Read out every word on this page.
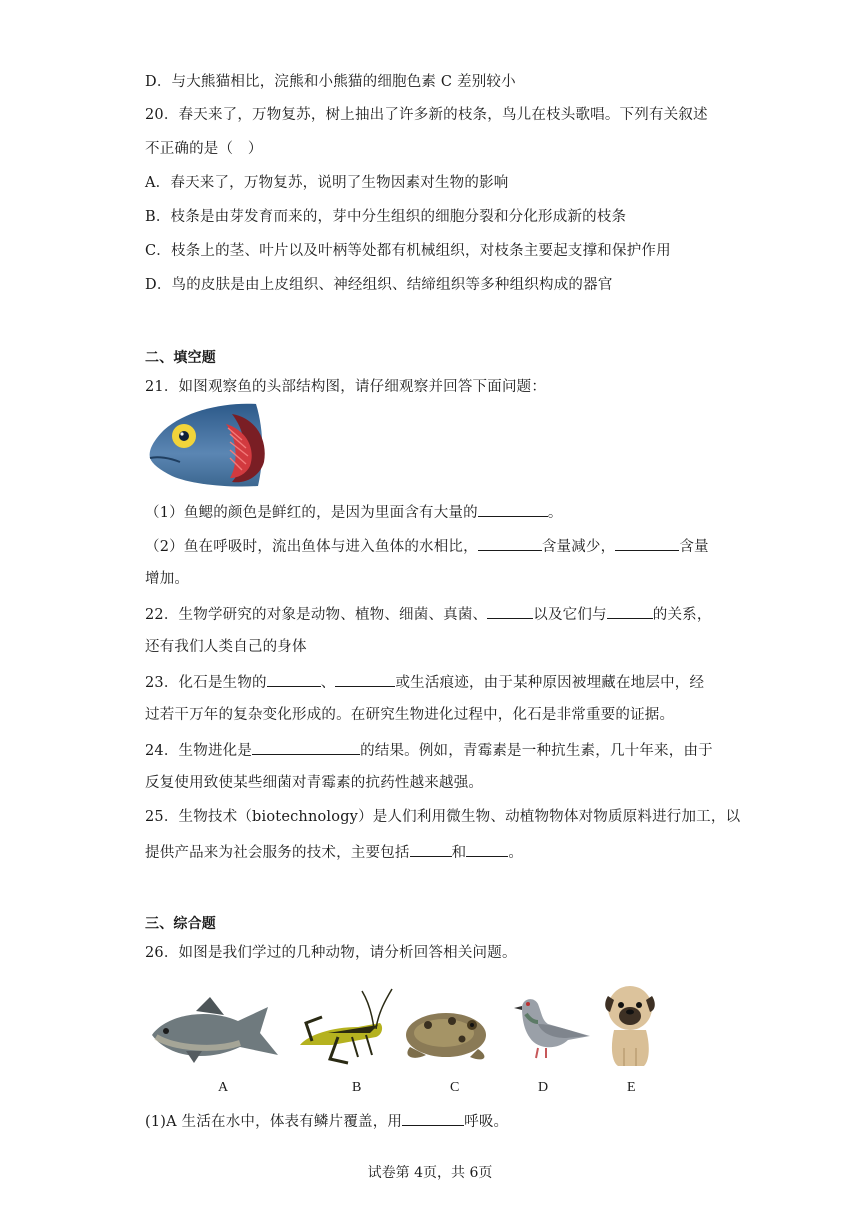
D．与大熊猫相比，浣熊和小熊猫的细胞色素 C 差别较小
20．春天来了，万物复苏，树上抽出了许多新的枝条，鸟儿在枝头歌唱。下列有关叙述
不正确的是（　）
A．春天来了，万物复苏，说明了生物因素对生物的影响
B．枝条是由芽发育而来的，芽中分生组织的细胞分裂和分化形成新的枝条
C．枝条上的茎、叶片以及叶柄等处都有机械组织，对枝条主要起支撑和保护作用
D．鸟的皮肤是由上皮组织、神经组织、结缔组织等多种组织构成的器官
二、填空题
21．如图观察鱼的头部结构图，请仔细观察并回答下面问题：
（1）鱼鳃的颜色是鲜红的，是因为里面含有大量的	。
（2）鱼在呼吸时，流出鱼体与进入鱼体的水相比，	含量减少，	含量
增加。
22．生物学研究的对象是动物、植物、细菌、真菌、	以及它们与	的关系，
还有我们人类自己的身体
23．化石是生物的	、	或生活痕迹，由于某种原因被埋藏在地层中，经
过若干万年的复杂变化形成的。在研究生物进化过程中，化石是非常重要的证据。
24．生物进化是	的结果。例如，青霉素是一种抗生素，几十年来，由于
反复使用致使某些细菌对青霉素的抗药性越来越强。
25．生物技术（biotechnology）是人们利用微生物、动植物物体对物质原料进行加工，以
提供产品来为社会服务的技术，主要包括	和	。
三、综合题
26．如图是我们学过的几种动物，请分析回答相关问题。
A	B	C	D	E
(1)A 生活在水中，体表有鳞片覆盖，用	呼吸。
试卷第 4页，共 6页
